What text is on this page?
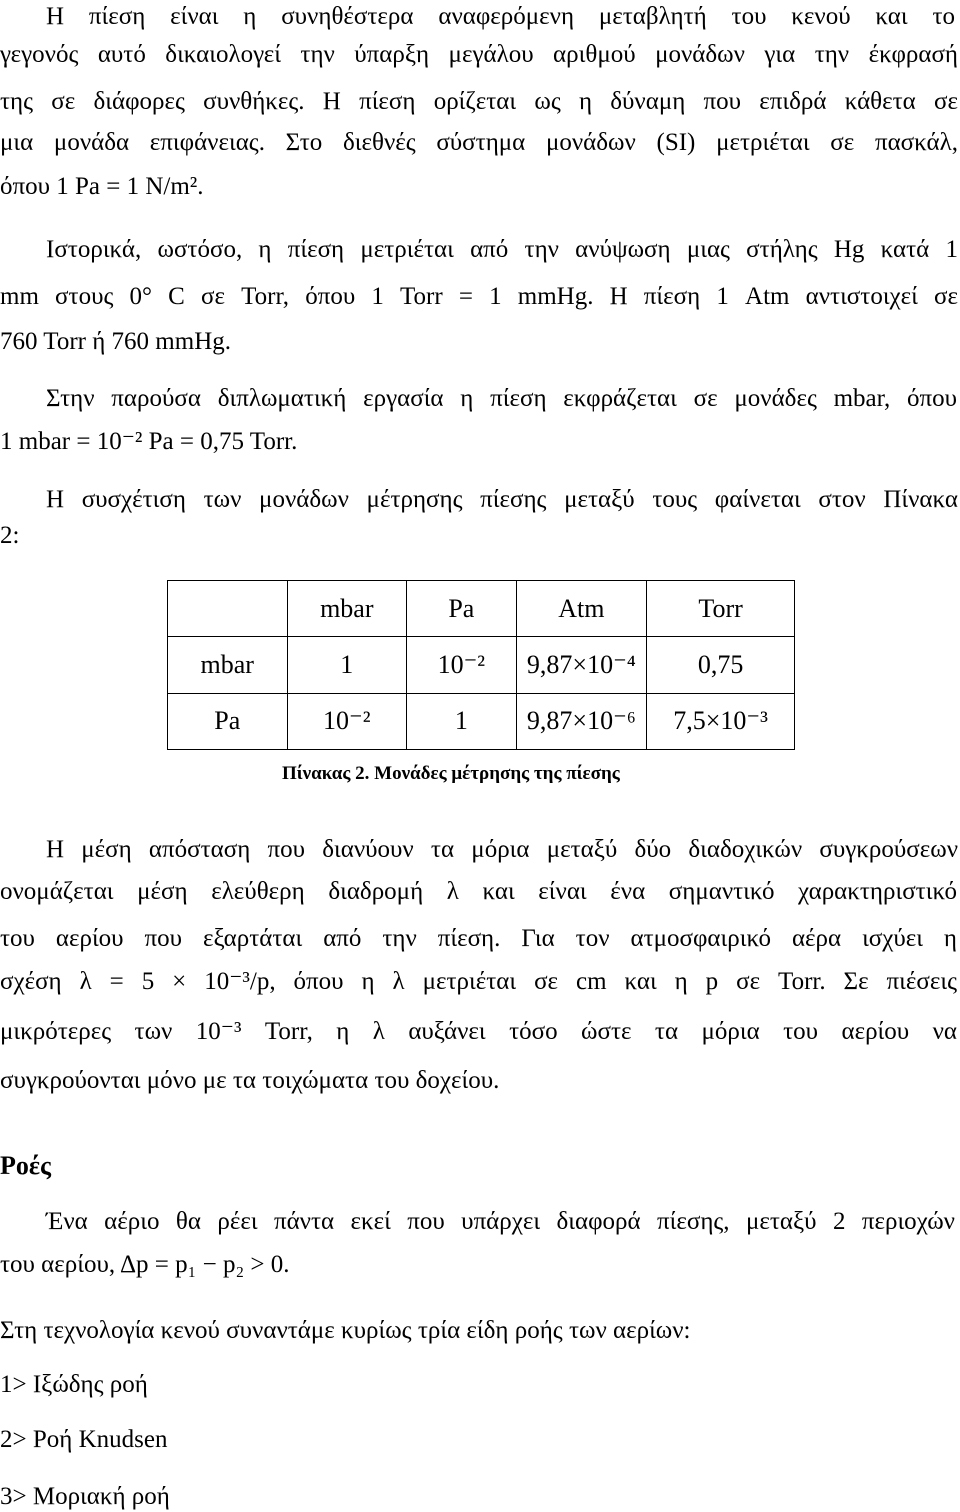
Η πίεση είναι η συνηθέστερα αναφερόμενη μεταβλητή του κενού και το
γεγονός αυτό δικαιολογεί την ύπαρξη μεγάλου αριθμού μονάδων για την έκφρασή
της σε διάφορες συνθήκες. Η πίεση ορίζεται ως η δύναμη που επιδρά κάθετα σε
μια μονάδα επιφάνειας. Στο διεθνές σύστημα μονάδων (SI) μετριέται σε πασκάλ,
όπου 1 Pa = 1 N/m².
Ιστορικά, ωστόσο, η πίεση μετριέται από την ανύψωση μιας στήλης Hg κατά 1
mm στους 0° C σε Torr, όπου 1 Torr = 1 mmHg. Η πίεση 1 Atm αντιστοιχεί σε
760 Torr ή 760 mmHg.
Στην παρούσα διπλωματική εργασία η πίεση εκφράζεται σε μονάδες mbar, όπου
1 mbar = 10⁻² Pa = 0,75 Torr.
Η συσχέτιση των μονάδων μέτρησης πίεσης μεταξύ τους φαίνεται στον Πίνακα
2:
	mbar	Pa	Atm	Torr
mbar	1	10⁻²	9,87×10⁻⁴	0,75
Pa	10⁻²	1	9,87×10⁻⁶	7,5×10⁻³
Πίνακας 2. Μονάδες μέτρησης της πίεσης
Η μέση απόσταση που διανύουν τα μόρια μεταξύ δύο διαδοχικών συγκρούσεων
ονομάζεται μέση ελεύθερη διαδρομή λ και είναι ένα σημαντικό χαρακτηριστικό
του αερίου που εξαρτάται από την πίεση. Για τον ατμοσφαιρικό αέρα ισχύει η
σχέση λ = 5 × 10⁻³/p, όπου η λ μετριέται σε cm και η p σε Torr. Σε πιέσεις
μικρότερες των 10⁻³ Torr, η λ αυξάνει τόσο ώστε τα μόρια του αερίου να
συγκρούονται μόνο με τα τοιχώματα του δοχείου.
Ροές
Ένα αέριο θα ρέει πάντα εκεί που υπάρχει διαφορά πίεσης, μεταξύ 2 περιοχών
του αερίου, Δp = p₁ − p₂ > 0.
Στη τεχνολογία κενού συναντάμε κυρίως τρία είδη ροής των αερίων:
1> Ιξώδης ροή
2> Ροή Knudsen
3> Μοριακή ροή
